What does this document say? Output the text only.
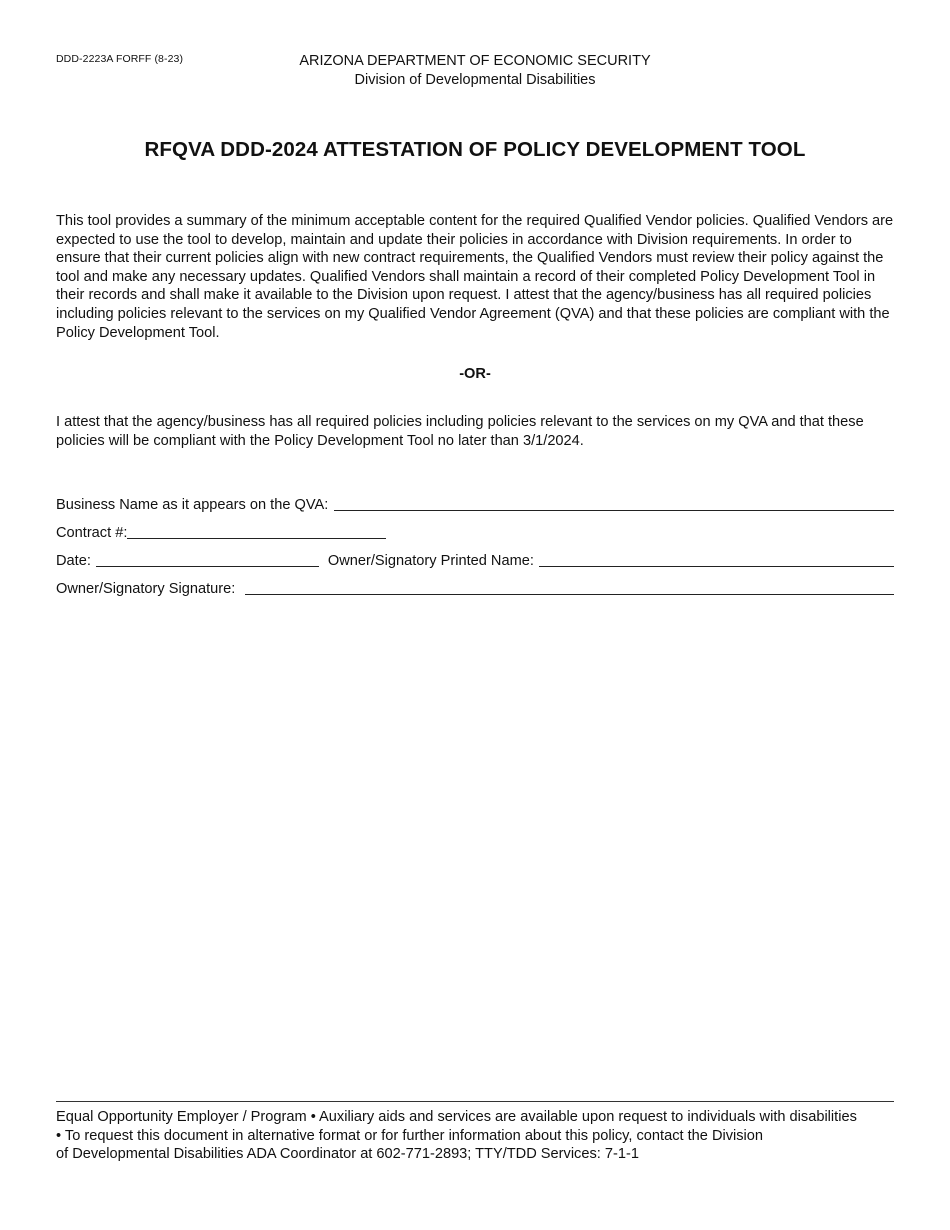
DDD-2223A FORFF (8-23)	ARIZONA DEPARTMENT OF ECONOMIC SECURITY
Division of Developmental Disabilities
RFQVA DDD-2024 ATTESTATION OF POLICY DEVELOPMENT TOOL
This tool provides a summary of the minimum acceptable content for the required Qualified Vendor policies. Qualified Vendors are expected to use the tool to develop, maintain and update their policies in accordance with Division requirements. In order to ensure that their current policies align with new contract requirements, the Qualified Vendors must review their policy against the tool and make any necessary updates. Qualified Vendors shall maintain a record of their completed Policy Development Tool in their records and shall make it available to the Division upon request. I attest that the agency/business has all required policies including policies relevant to the services on my Qualified Vendor Agreement (QVA) and that these policies are compliant with the Policy Development Tool.
-OR-
I attest that the agency/business has all required policies including policies relevant to the services on my QVA and that these policies will be compliant with the Policy Development Tool no later than 3/1/2024.
Business Name as it appears on the QVA:
Contract #:
Date:	Owner/Signatory Printed Name:
Owner/Signatory Signature:
Equal Opportunity Employer / Program • Auxiliary aids and services are available upon request to individuals with disabilities
• To request this document in alternative format or for further information about this policy, contact the Division
of Developmental Disabilities ADA Coordinator at 602-771-2893; TTY/TDD Services: 7-1-1
